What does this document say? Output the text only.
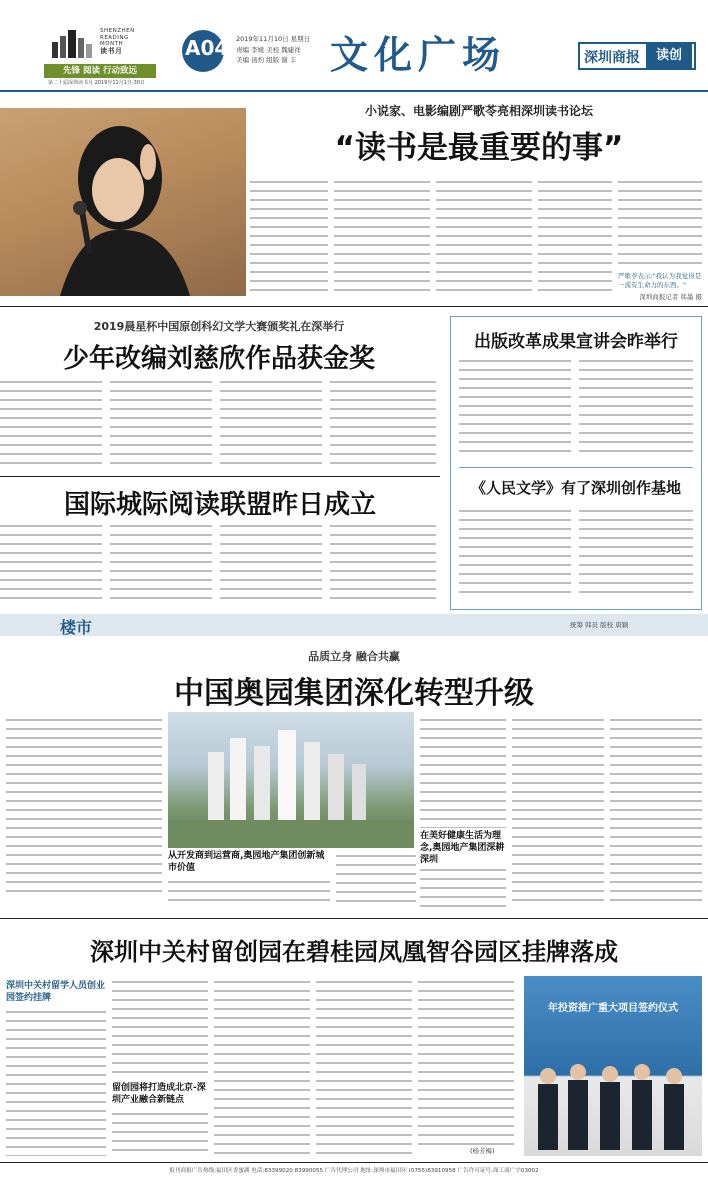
SHENZHEN
READING
MONTH
读书月
先锋 阅读 行动致远
第二十届深圳读书月 2019年11月1日-30日
A04 2019年11月10日 星期日
责编 李媛 美校 魏婕祥
美编 汤灼 组版 谢 丰 文化广场	深圳商报	读创
小说家、电影编剧严歌苓亮相深圳读书论坛
“读书是最重要的事”
严歌苓表示:"我认为我觉得是一流有生命力的东西。"
深圳商报记者 韩墨 摄
2019晨星杯中国原创科幻文学大赛颁奖礼在深举行
少年改编刘慈欣作品获金奖
国际城际阅读联盟昨日成立
出版改革成果宣讲会昨举行
《人民文学》有了深圳创作基地
楼市	统筹 韩员 版校 唐颖
品质立身 融合共赢
中国奥园集团深化转型升级
从开发商到运营商,奥园地产集团创新城市价值
在美好健康生活为理念,奥园地产集团深耕深圳
深圳中关村留创园在碧桂园凤凰智谷园区挂牌落成
深圳中关村留学人员创业园签约挂牌
留创园将打造成北京-深圳产业融合新链点
(杨芳梅)
年投资推广重大项目签约仪式
报刊商报广告热线:福田区香蜜湖 电话:83399020 83990055 广告代理公司 地址:深圳市福田区 (0755)83910958 广告许可证号:深工商广字03002
